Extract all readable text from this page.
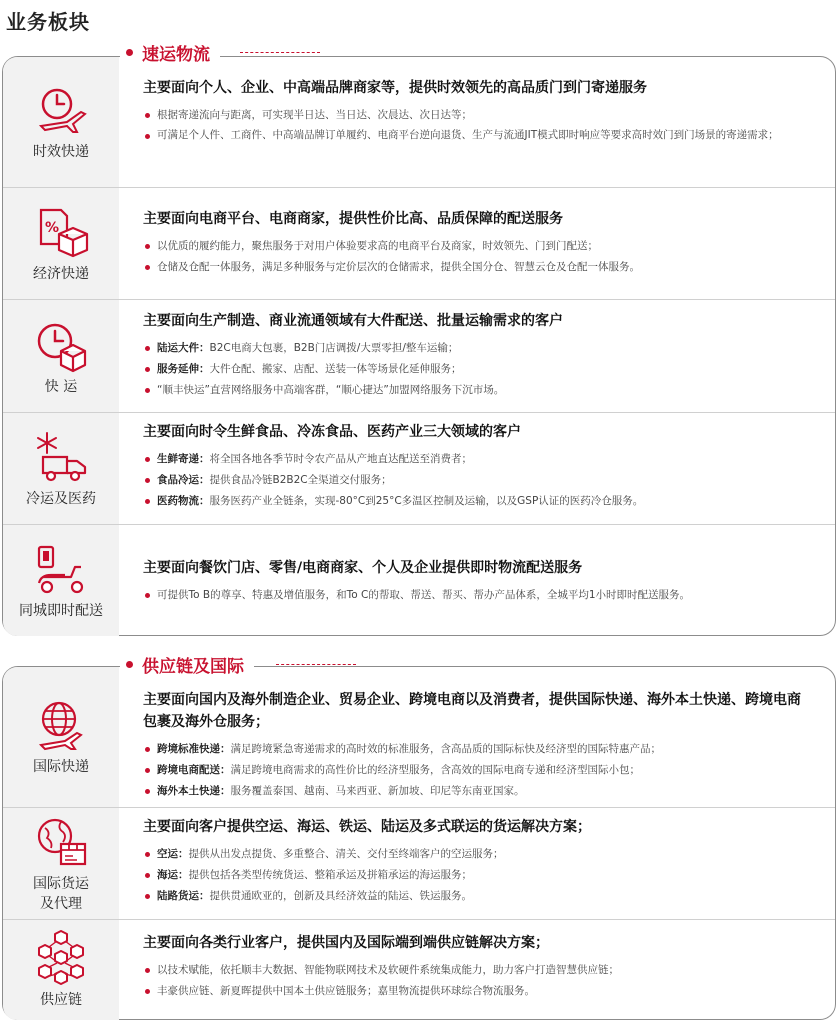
业务板块
时效快递
主要面向个人、企业、中高端品牌商家等，提供时效领先的高品质门到门寄递服务
根据寄递流向与距离，可实现半日达、当日达、次晨达、次日达等；
可满足个人件、工商件、中高端品牌订单履约、电商平台逆向退货、生产与流通JIT模式即时响应等要求高时效门到门场景的寄递需求；
%
经济快递
主要面向电商平台、电商商家，提供性价比高、品质保障的配送服务
以优质的履约能力，聚焦服务于对用户体验要求高的电商平台及商家，时效领先、门到门配送；
仓储及仓配一体服务，满足多种服务与定价层次的仓储需求，提供全国分仓、智慧云仓及仓配一体服务。
快 运
主要面向生产制造、商业流通领域有大件配送、批量运输需求的客户
陆运大件：B2C电商大包裹，B2B门店调拨/大票零担/整车运输；
服务延伸：大件仓配、搬家、店配、送装一体等场景化延伸服务；
“顺丰快运”直营网络服务中高端客群，“顺心捷达”加盟网络服务下沉市场。
冷运及医药
主要面向时令生鲜食品、冷冻食品、医药产业三大领域的客户
生鲜寄递：将全国各地各季节时令农产品从产地直达配送至消费者；
食品冷运：提供食品冷链B2B2C全渠道交付服务；
医药物流：服务医药产业全链条，实现-80°C到25°C多温区控制及运输，以及GSP认证的医药冷仓服务。
同城即时配送
主要面向餐饮门店、零售/电商商家、个人及企业提供即时物流配送服务
可提供To B的尊享、特惠及增值服务，和To C的帮取、帮送、帮买、帮办产品体系，全城平均1小时即时配送服务。
速运物流
国际快递
主要面向国内及海外制造企业、贸易企业、跨境电商以及消费者，提供国际快递、海外本土快递、跨境电商包裹及海外仓服务；
跨境标准快递：满足跨境紧急寄递需求的高时效的标准服务，含高品质的国际标快及经济型的国际特惠产品；
跨境电商配送：满足跨境电商需求的高性价比的经济型服务，含高效的国际电商专递和经济型国际小包；
海外本土快递：服务覆盖泰国、越南、马来西亚、新加坡、印尼等东南亚国家。
国际货运
及代理
主要面向客户提供空运、海运、铁运、陆运及多式联运的货运解决方案；
空运：提供从出发点提货、多重整合、清关、交付至终端客户的空运服务；
海运：提供包括各类型传统货运、整箱承运及拼箱承运的海运服务；
陆路货运：提供贯通欧亚的，创新及具经济效益的陆运、铁运服务。
供应链
主要面向各类行业客户，提供国内及国际端到端供应链解决方案；
以技术赋能，依托顺丰大数据、智能物联网技术及软硬件系统集成能力，助力客户打造智慧供应链；
丰豪供应链、新夏晖提供中国本土供应链服务；嘉里物流提供环球综合物流服务。
供应链及国际
